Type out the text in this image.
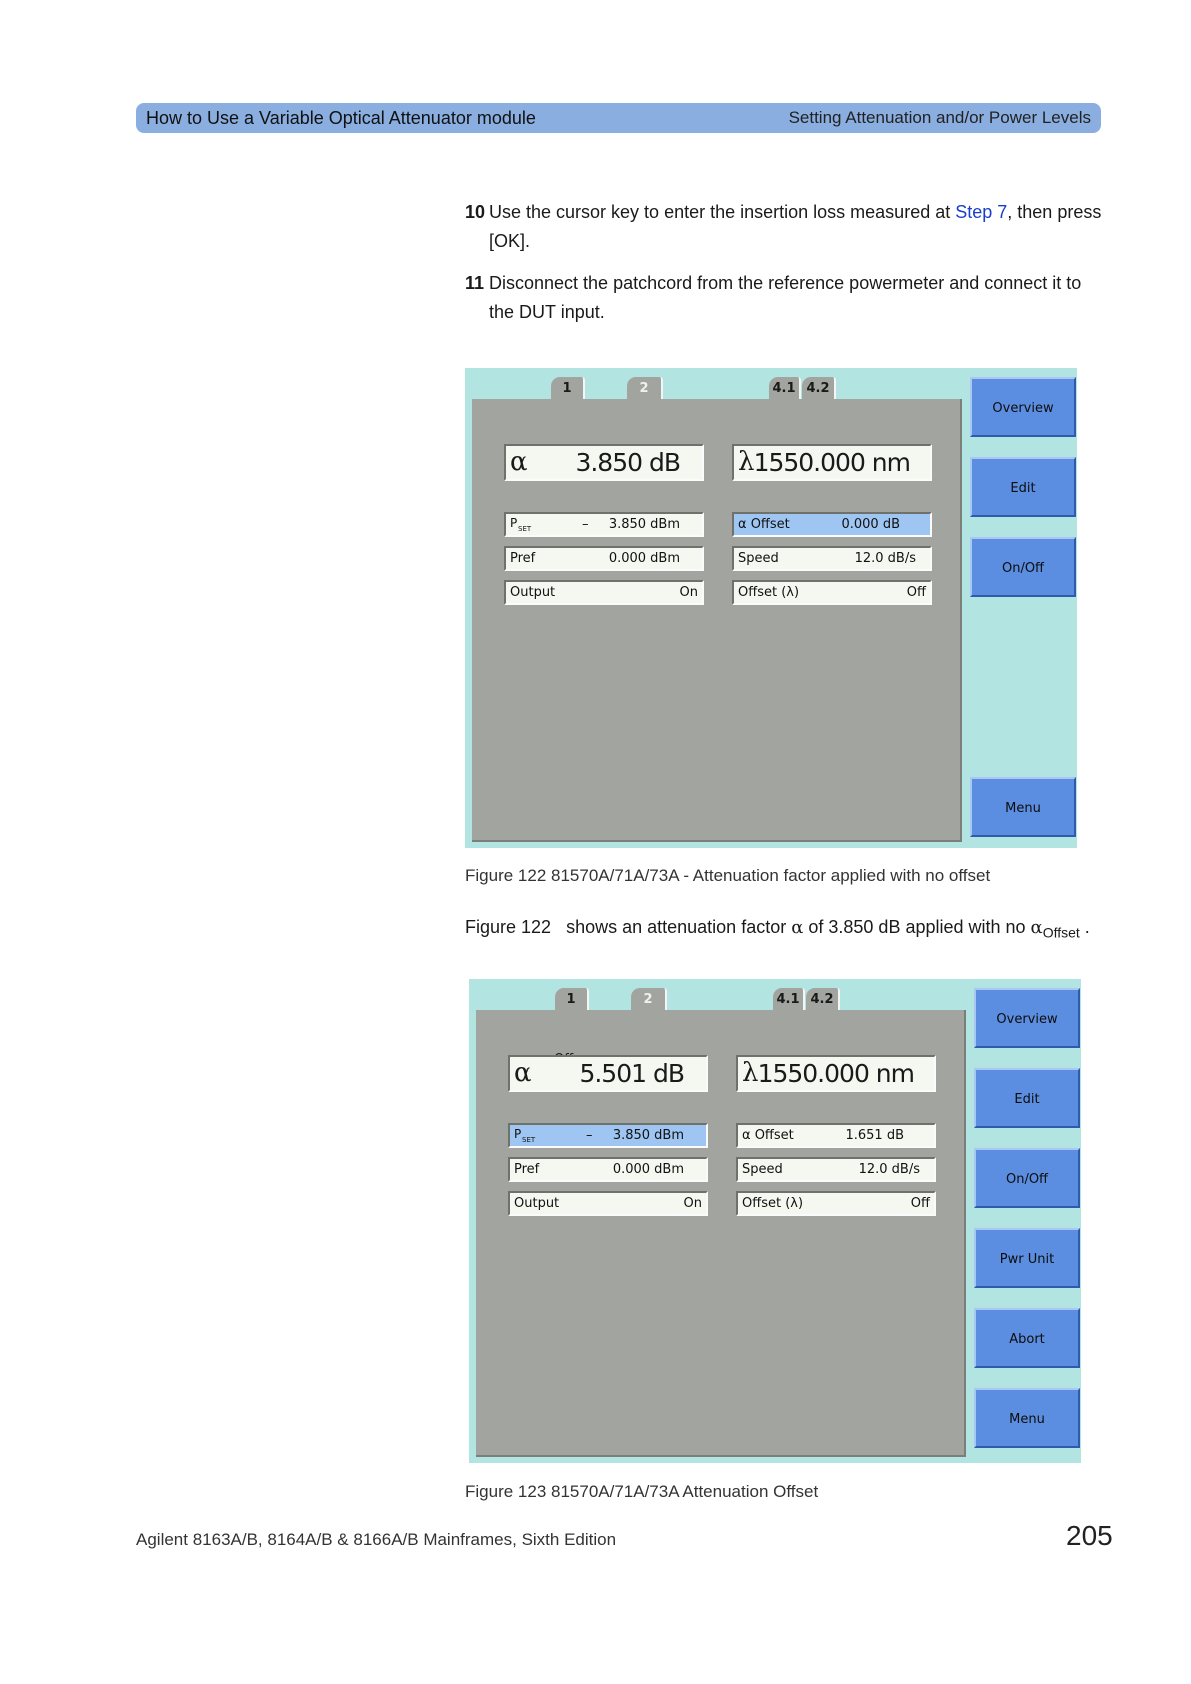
How to Use a Variable Optical Attenuator module	Setting Attenuation and/or Power Levels
10 Use the cursor key to enter the insertion loss measured at Step 7, then press [OK].
11 Disconnect the patchcord from the reference powermeter and connect it to the DUT input.
1	2	4.1 4.2
α 3.850 dB λ 1550.000 nm
P SET	– 3.850 dBm
Pref	0.000 dBm
Output	On
α Offset	0.000 dB
Speed	12.0 dB/s
Offset (λ)	Off
Overview
Edit
On/Off
Menu
Figure 122 81570A/71A/73A - Attenuation factor applied with no offset
Figure 122   shows an attenuation factor α of 3.850 dB applied with no $\alpha_{Offset}$ .
1	2	4.1 4.2
α 5.501 dB λ 1550.000 nm
P SET	– 3.850 dBm
Pref	0.000 dBm
Output	On
α Offset	1.651 dB
Speed	12.0 dB/s
Offset (λ)	Off
Overview
Edit
On/Off
Pwr Unit
Abort
Menu
Figure 123 81570A/71A/73A Attenuation Offset
Agilent 8163A/B, 8164A/B & 8166A/B Mainframes, Sixth Edition	205
